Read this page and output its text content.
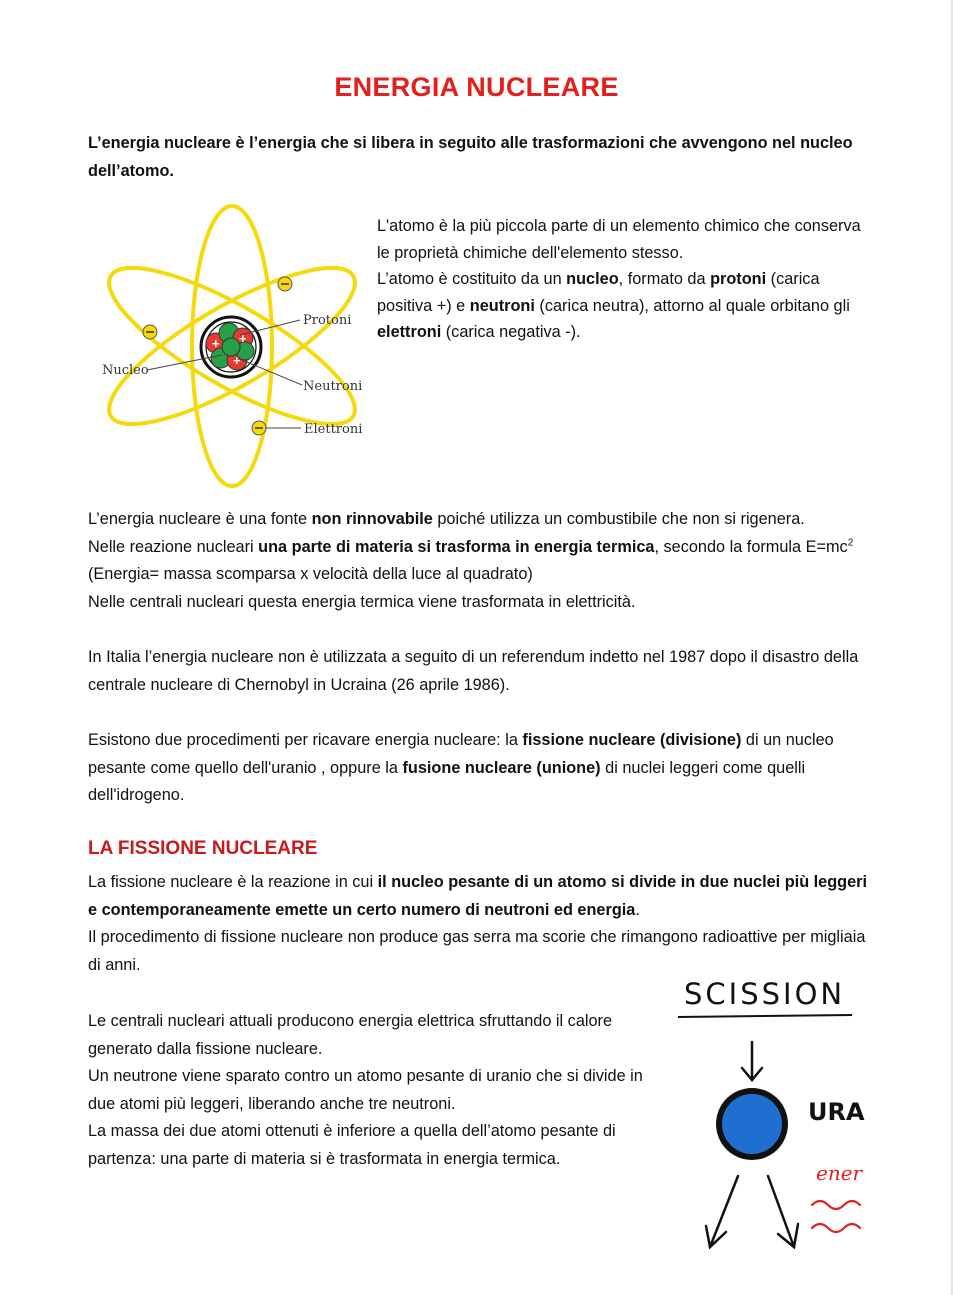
ENERGIA NUCLEARE

L’energia nucleare è l’energia che si libera in seguito alle trasformazioni che avvengono nel nucleo dell’atomo.

+ +
+
Protoni
Nucleo
Neutroni
Elettroni

L'atomo è la più piccola parte di un elemento chimico che conserva le proprietà chimiche dell'elemento stesso.
L’atomo è costituito da un nucleo, formato da protoni (carica positiva +) e neutroni (carica neutra), attorno al quale orbitano gli elettroni (carica negativa -).

L’energia nucleare è una fonte non rinnovabile poiché utilizza un combustibile che non si rigenera.
Nelle reazione nucleari una parte di materia si trasforma in energia termica, secondo la formula $E=mc^2$ (Energia= massa scomparsa x velocità della luce al quadrato)
Nelle centrali nucleari questa energia termica viene trasformata in elettricità.

In Italia l’energia nucleare non è utilizzata a seguito di un referendum indetto nel 1987 dopo il disastro della centrale nucleare di Chernobyl in Ucraina (26 aprile 1986).

Esistono due procedimenti per ricavare energia nucleare: la fissione nucleare (divisione) di un nucleo pesante come quello dell'uranio , oppure la fusione nucleare (unione) di nuclei leggeri come quelli dell'idrogeno.

LA FISSIONE NUCLEARE

La fissione nucleare è la reazione in cui il nucleo pesante di un atomo si divide in due nuclei più leggeri e contemporaneamente emette un certo numero di neutroni ed energia.
Il procedimento di fissione nucleare non produce gas serra ma scorie che rimangono radioattive per migliaia di anni.

Le centrali nucleari attuali producono energia elettrica sfruttando il calore generato dalla fissione nucleare.
Un neutrone viene sparato contro un atomo pesante di uranio che si divide in due atomi più leggeri, liberando anche tre neutroni.
La massa dei due atomi ottenuti è inferiore a quella dell’atomo pesante di partenza: una parte di materia si è trasformata in energia termica.

SCISSION
URA
ener
